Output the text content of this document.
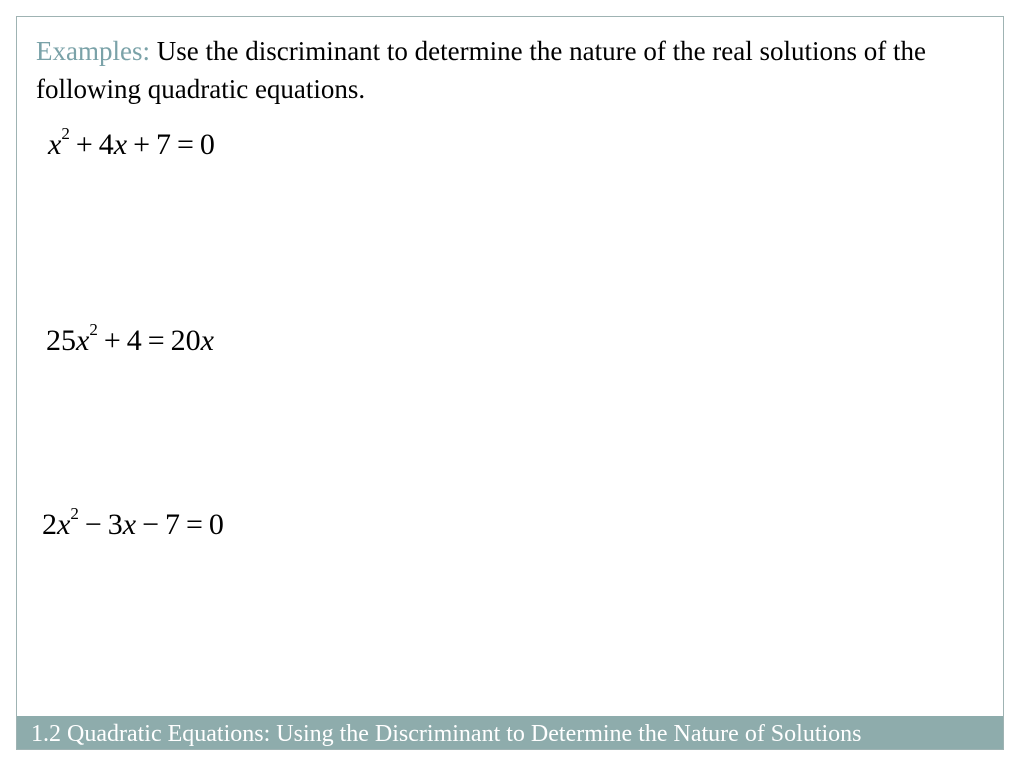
Examples: Use the discriminant to determine the nature of the real solutions of the following quadratic equations.

$x^2 + 4x + 7 = 0$
$25x^2 + 4 = 20x$
$2x^2 - 3x - 7 = 0$
1.2 Quadratic Equations: Using the Discriminant to Determine the Nature of Solutions
